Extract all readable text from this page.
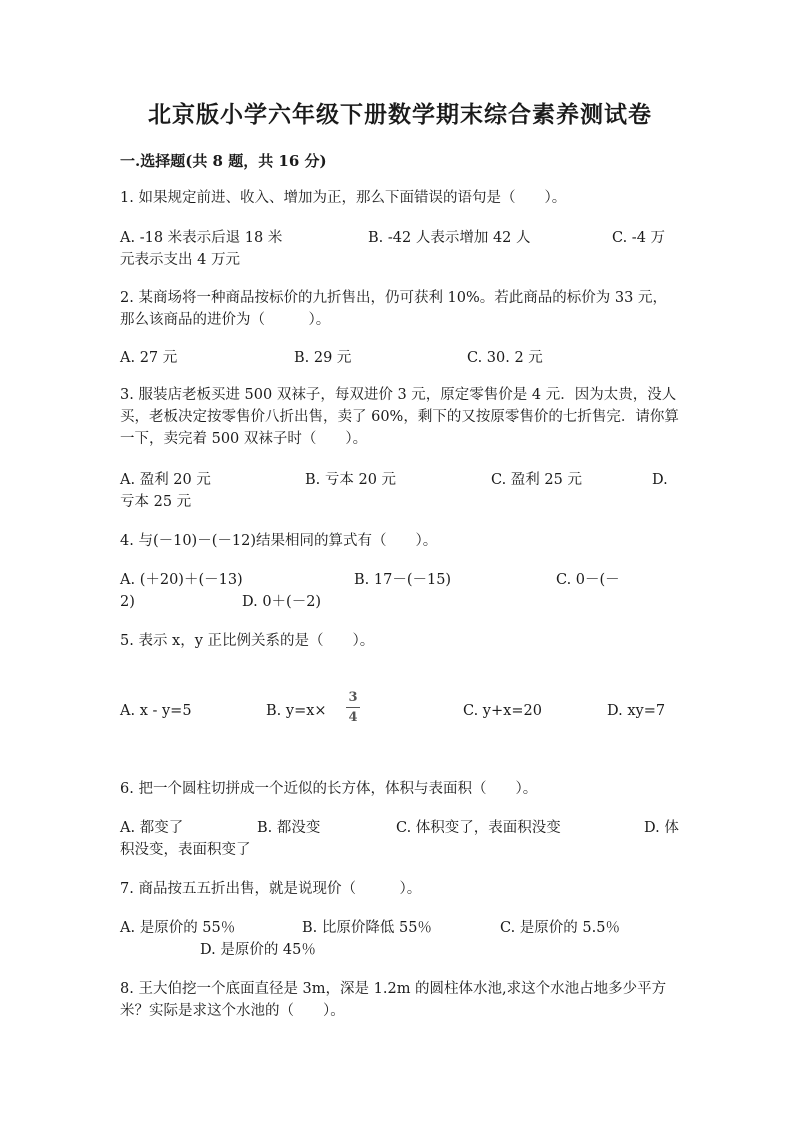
北京版小学六年级下册数学期末综合素养测试卷
一.选择题(共 8 题，共 16 分)
1. 如果规定前进、收入、增加为正，那么下面错误的语句是（　　）。
A. -18 米表示后退 18 米	B. -42 人表示增加 42 人	C. -4 万
元表示支出 4 万元
2. 某商场将一种商品按标价的九折售出，仍可获利 10%。若此商品的标价为 33 元，那么该商品的进价为（　　　）。
A. 27 元	B. 29 元	C. 30. 2 元
3. 服装店老板买进 500 双袜子，每双进价 3 元，原定零售价是 4 元．因为太贵，没人买，老板决定按零售价八折出售，卖了 60%，剩下的又按原零售价的七折售完．请你算一下，卖完着 500 双袜子时（　　）。
A. 盈利 20 元	B. 亏本 20 元	C. 盈利 25 元	D.
亏本 25 元
4. 与(－10)－(－12)结果相同的算式有（　　）。
A. (＋20)＋(－13)	B. 17－(－15)	C. 0－(－
2)	D. 0＋(－2)
5. 表示 x，y 正比例关系的是（　　）。
A. x - y=5	B. y=x×
3
4	C. y+x=20	D. xy=7
6. 把一个圆柱切拼成一个近似的长方体，体积与表面积（　　）。
A. 都变了	B. 都没变	C. 体积变了，表面积没变	D. 体
积没变，表面积变了
7. 商品按五五折出售，就是说现价（　　　）。
A. 是原价的 55％	B. 比原价降低 55％	C. 是原价的 5.5％
D. 是原价的 45％
8. 王大伯挖一个底面直径是 3m，深是 1.2m 的圆柱体水池,求这个水池占地多少平方米？实际是求这个水池的（　　）。
